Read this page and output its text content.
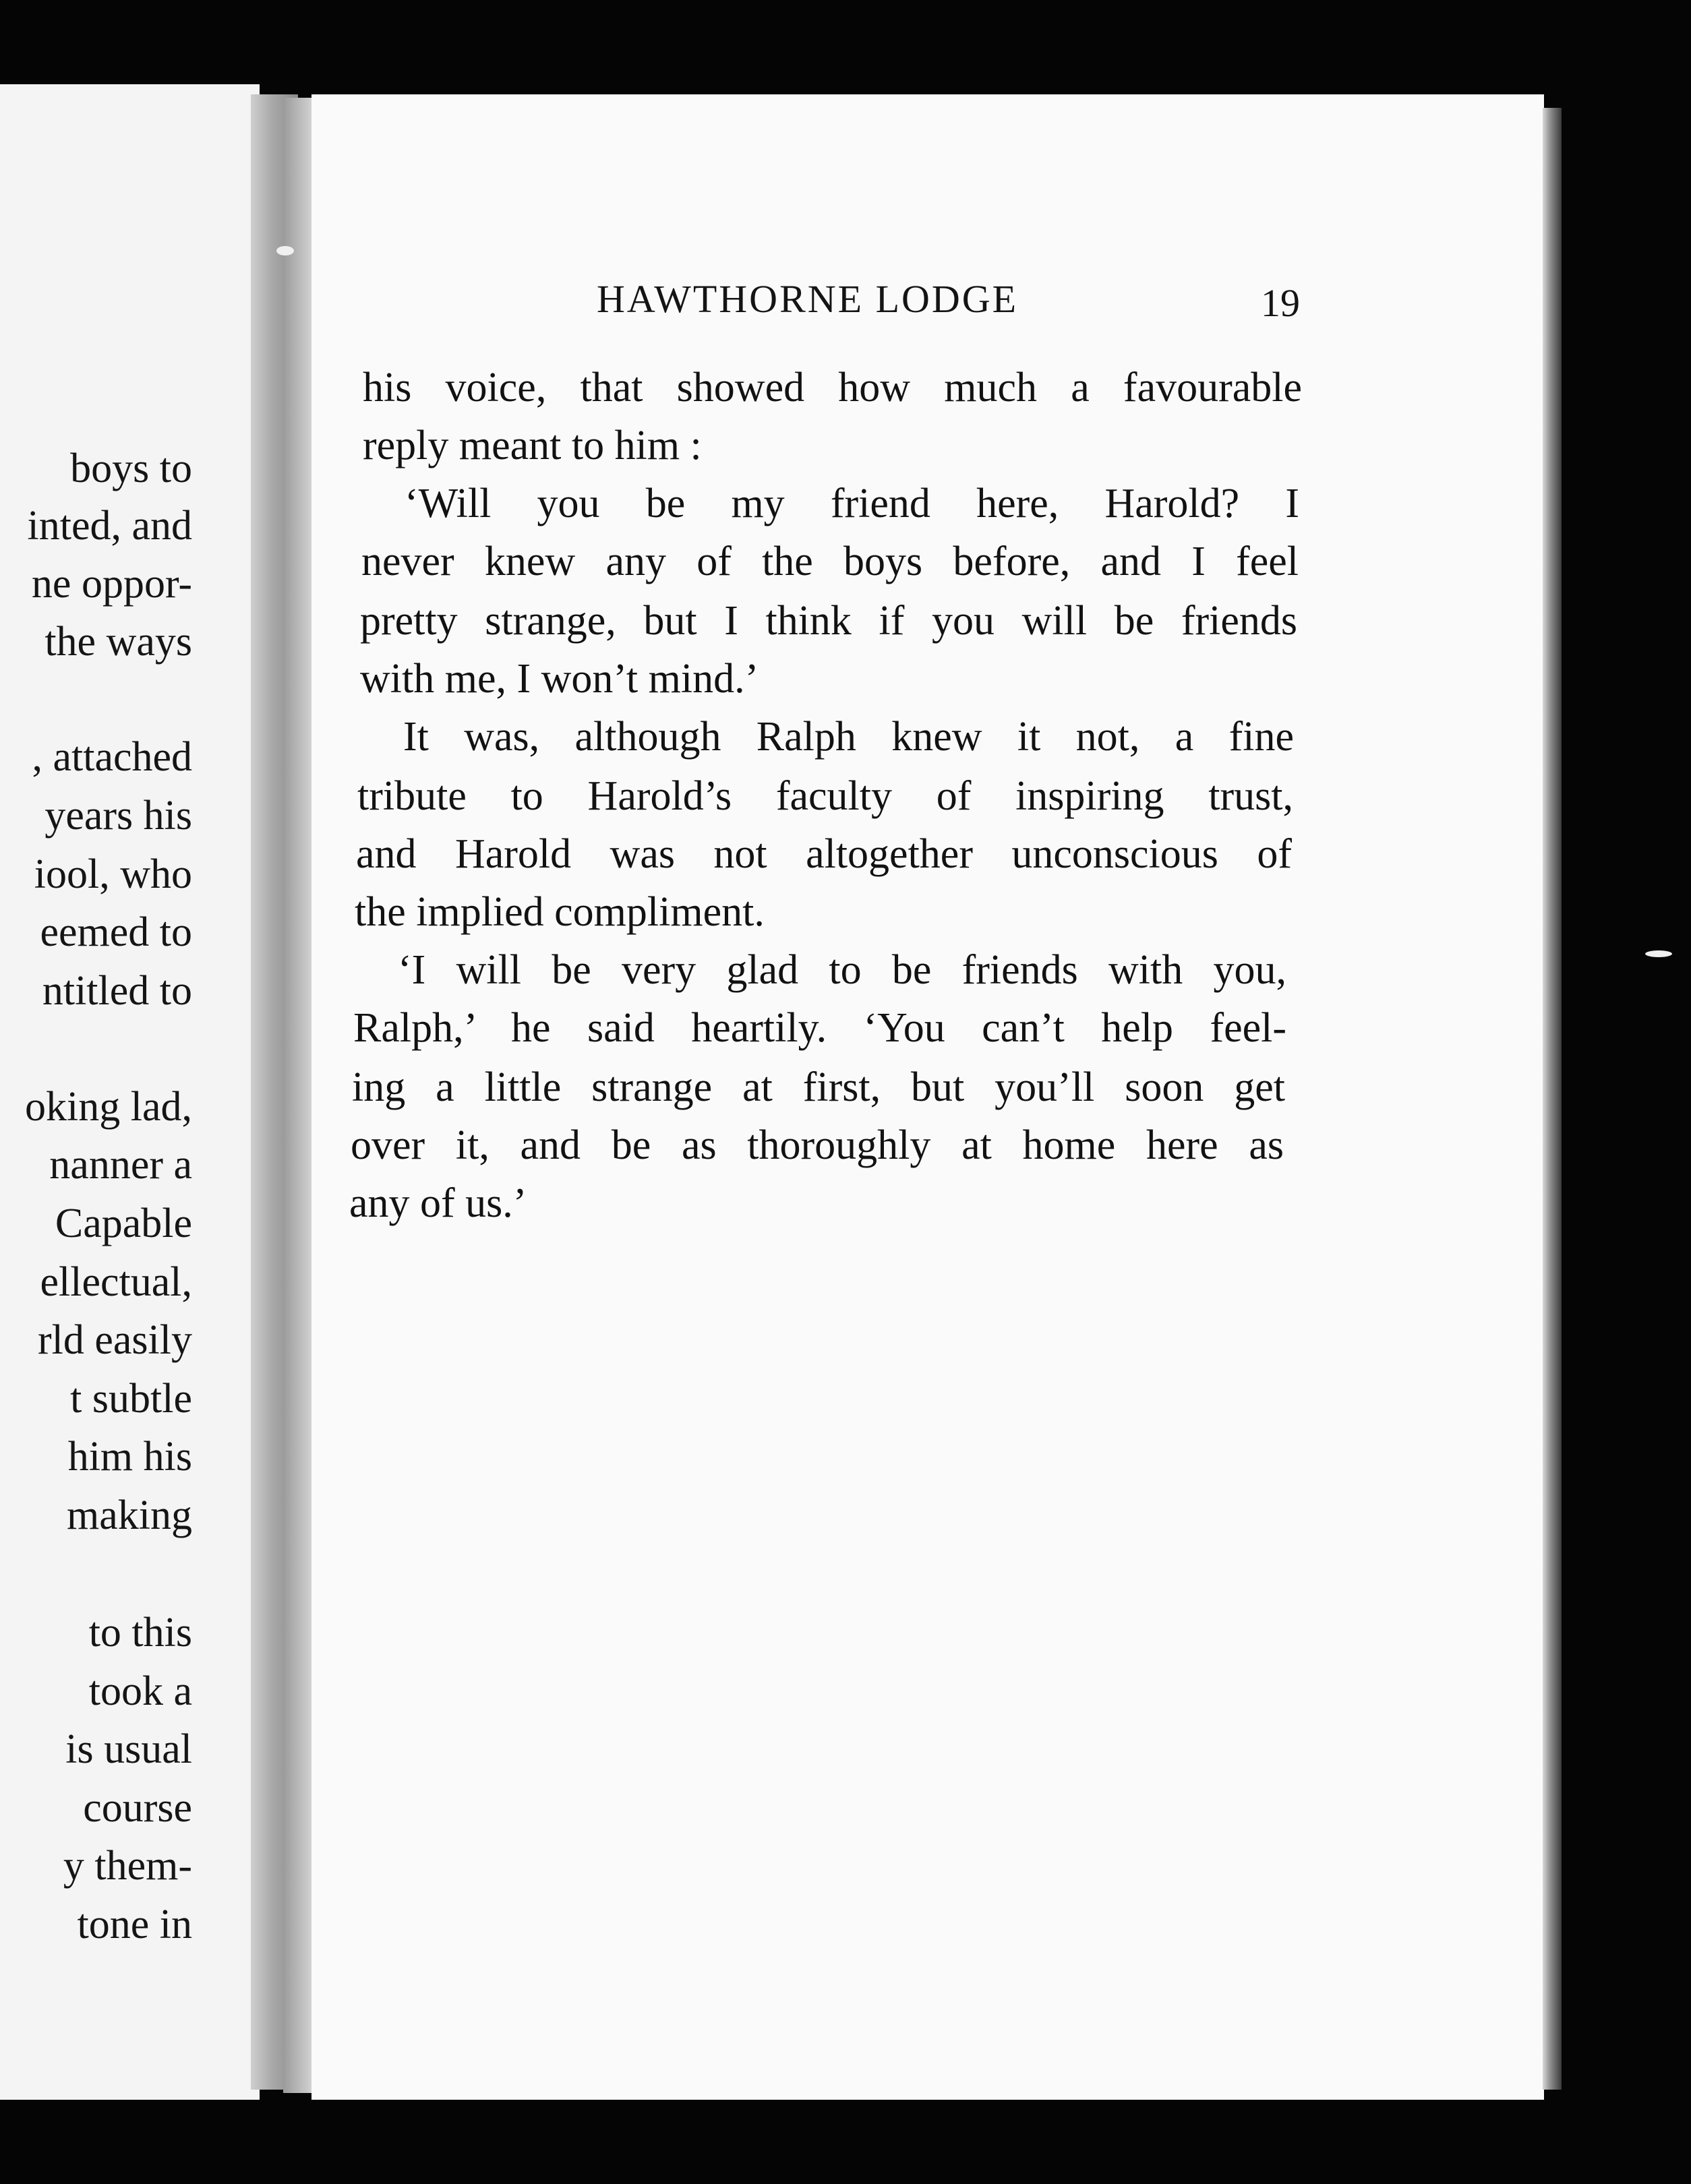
boys to
inted, and
ne oppor-
the ways
, attached
years his
iool, who
eemed to
ntitled to
oking lad,
nanner a
Capable
ellectual,
rld easily
t subtle
him his
making
to this
took a
is usual
course
y them-
tone in
HAWTHORNE LODGE	19
his voice, that showed how much a favourable
reply meant to him :
‘Will you be my friend here, Harold? I
never knew any of the boys before, and I feel
pretty strange, but I think if you will be friends
with me, I won’t mind.’
It was, although Ralph knew it not, a fine
tribute to Harold’s faculty of inspiring trust,
and Harold was not altogether unconscious of
the implied compliment.
‘I will be very glad to be friends with you,
Ralph,’ he said heartily. ‘You can’t help feel-
ing a little strange at first, but you’ll soon get
over it, and be as thoroughly at home here as
any of us.’
